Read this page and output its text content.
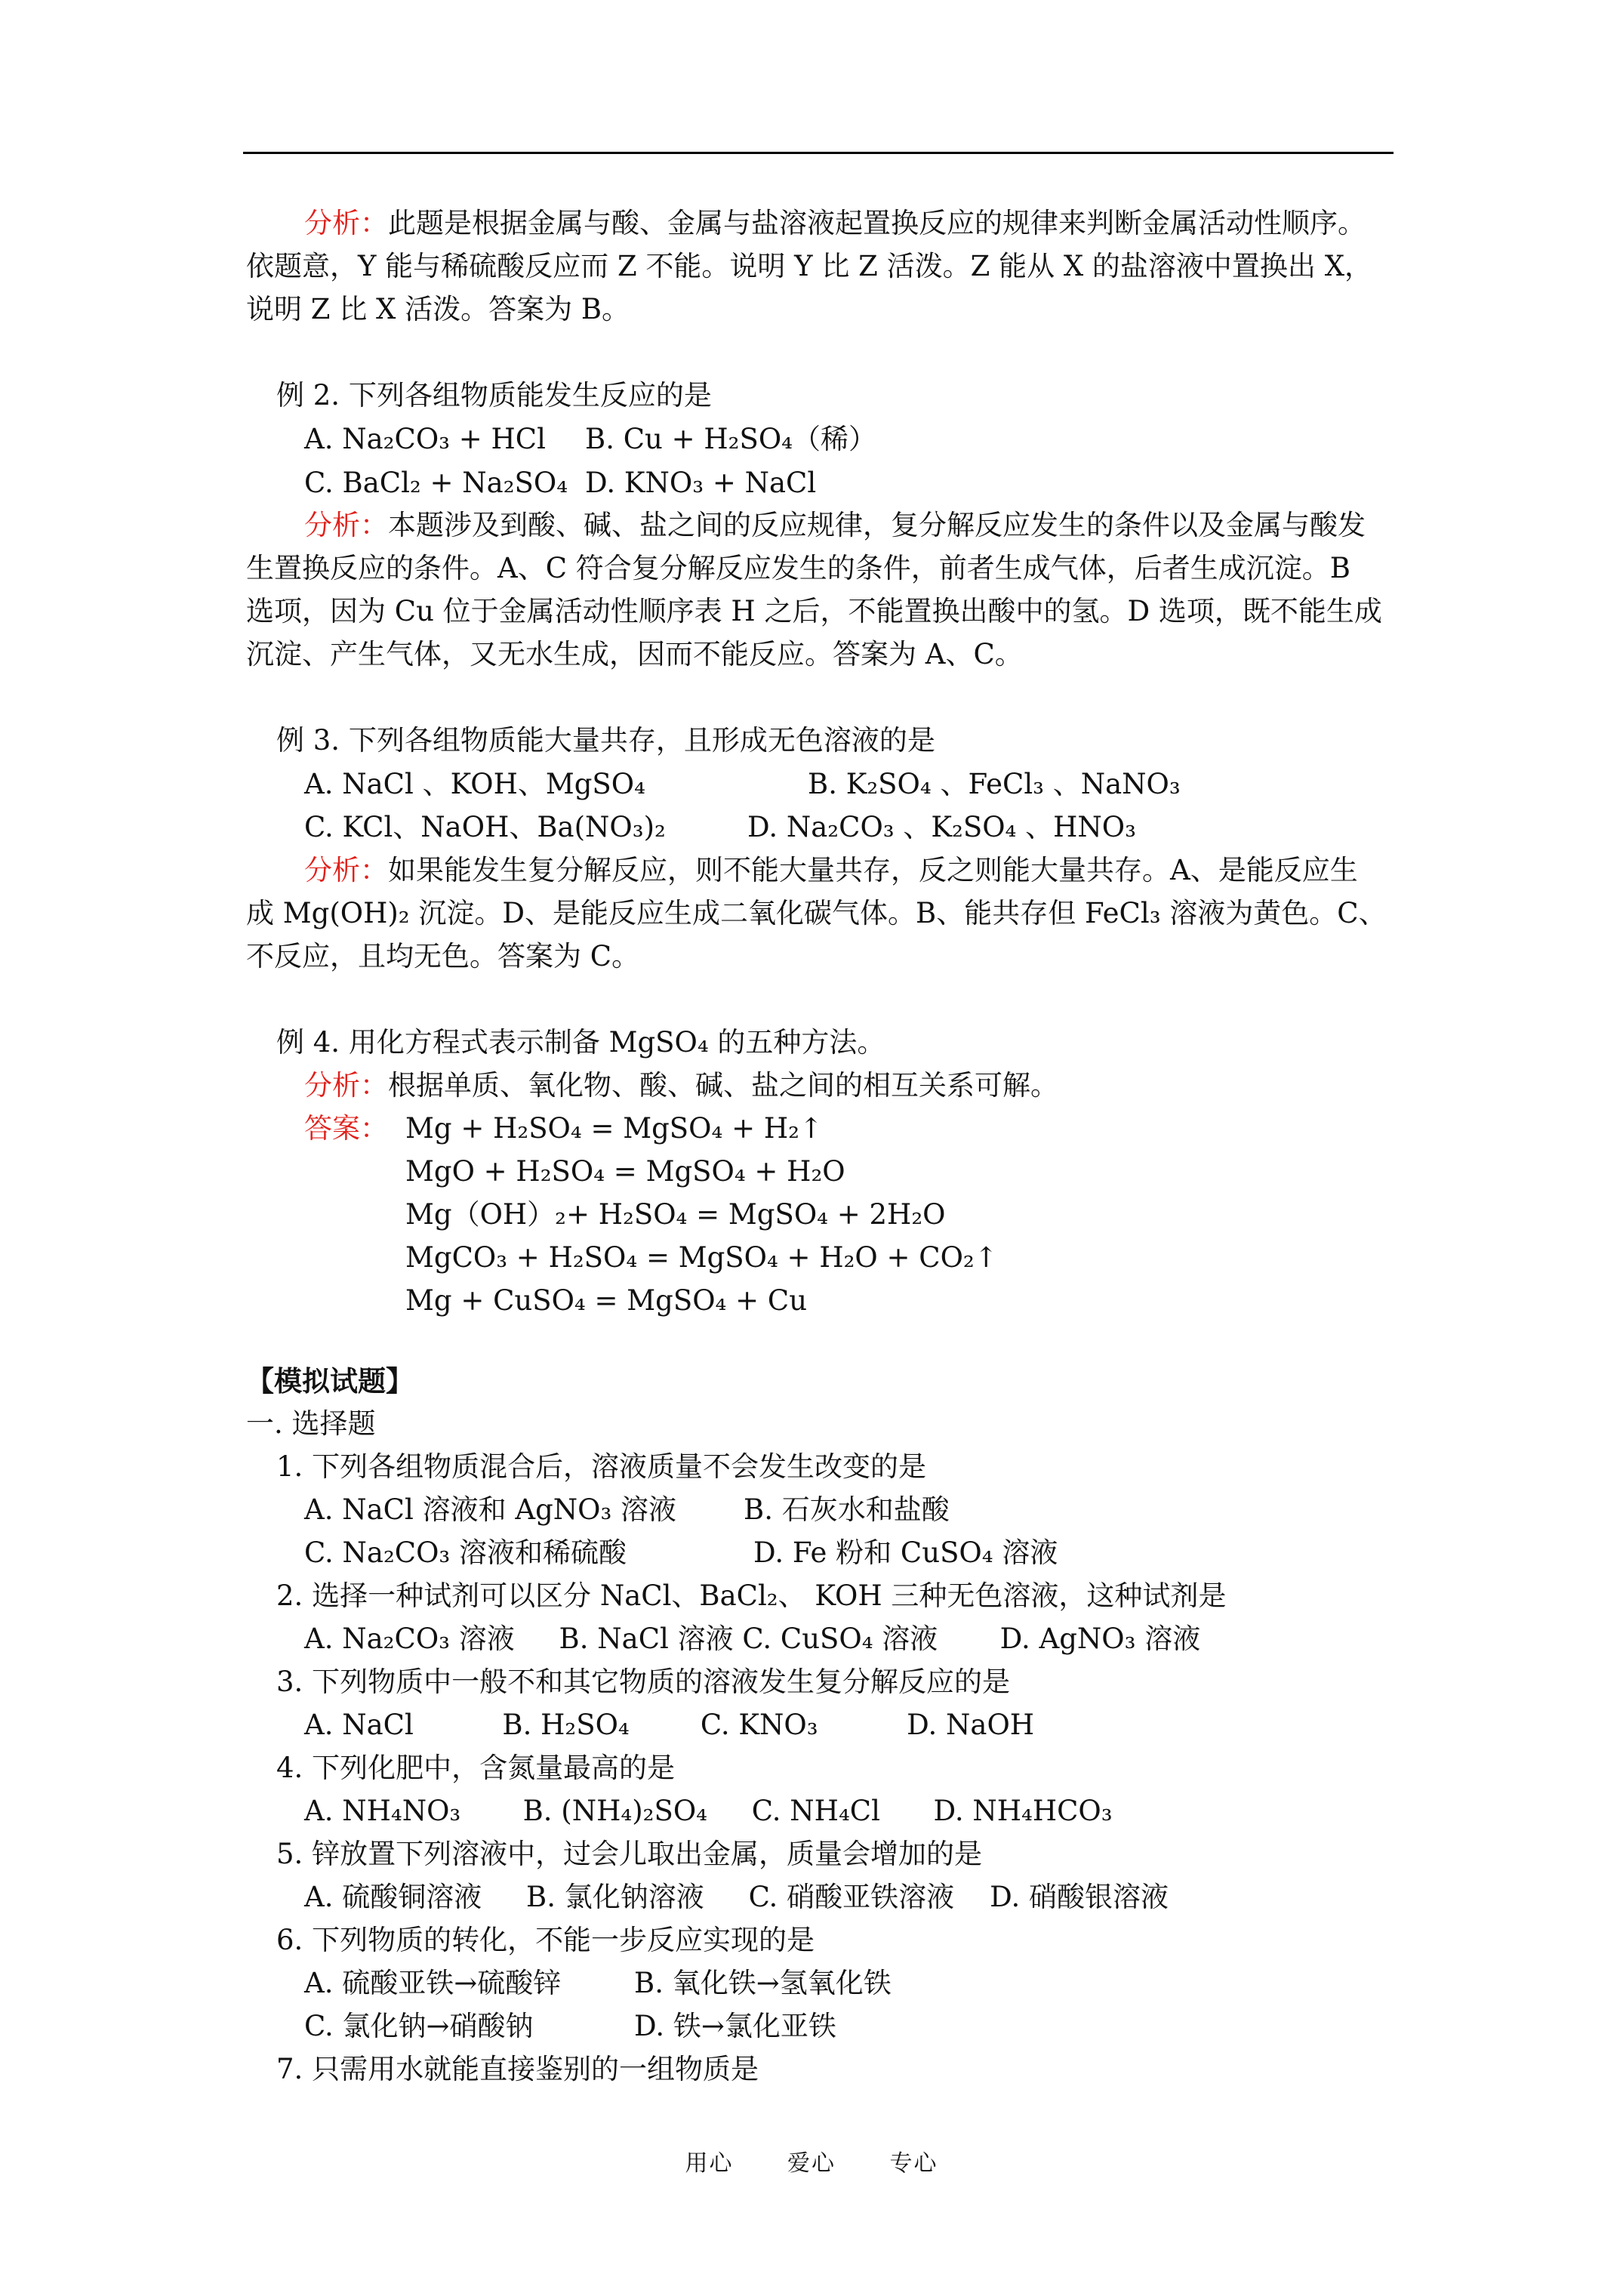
分析：此题是根据金属与酸、金属与盐溶液起置换反应的规律来判断金属活动性顺序。
依题意，Y 能与稀硫酸反应而 Z 不能。说明 Y 比 Z 活泼。Z 能从 X 的盐溶液中置换出 X，
说明 Z 比 X 活泼。答案为 B。
例 2. 下列各组物质能发生反应的是
A. Na₂CO₃ + HCl B. Cu + H₂SO₄（稀）
C. BaCl₂ + Na₂SO₄ D. KNO₃ + NaCl
分析：本题涉及到酸、碱、盐之间的反应规律，复分解反应发生的条件以及金属与酸发
生置换反应的条件。A、C 符合复分解反应发生的条件，前者生成气体，后者生成沉淀。B
选项，因为 Cu 位于金属活动性顺序表 H 之后，不能置换出酸中的氢。D 选项，既不能生成
沉淀、产生气体，又无水生成，因而不能反应。答案为 A、C。
例 3. 下列各组物质能大量共存，且形成无色溶液的是
A. NaCl 、KOH、MgSO₄	B. K₂SO₄ 、FeCl₃ 、NaNO₃
C. KCl、NaOH、Ba(NO₃)₂	D. Na₂CO₃ 、K₂SO₄ 、HNO₃
分析：如果能发生复分解反应，则不能大量共存，反之则能大量共存。A、是能反应生
成 Mg(OH)₂ 沉淀。D、是能反应生成二氧化碳气体。B、能共存但 FeCl₃ 溶液为黄色。C、
不反应，且均无色。答案为 C。
例 4. 用化方程式表示制备 MgSO₄ 的五种方法。
分析：根据单质、氧化物、酸、碱、盐之间的相互关系可解。
答案： Mg + H₂SO₄ = MgSO₄ + H₂↑
MgO + H₂SO₄ = MgSO₄ + H₂O
Mg（OH）₂+ H₂SO₄ = MgSO₄ + 2H₂O
MgCO₃ + H₂SO₄ = MgSO₄ + H₂O + CO₂↑
Mg + CuSO₄ = MgSO₄ + Cu
【模拟试题】
一. 选择题
1. 下列各组物质混合后，溶液质量不会发生改变的是
A. NaCl 溶液和 AgNO₃ 溶液 B. 石灰水和盐酸
C. Na₂CO₃ 溶液和稀硫酸	D. Fe 粉和 CuSO₄ 溶液
2. 选择一种试剂可以区分 NaCl、BaCl₂、 KOH 三种无色溶液，这种试剂是
A. Na₂CO₃ 溶液     B. NaCl 溶液 C. CuSO₄ 溶液       D. AgNO₃ 溶液
3. 下列物质中一般不和其它物质的溶液发生复分解反应的是
A. NaCl          B. H₂SO₄        C. KNO₃          D. NaOH
4. 下列化肥中，含氮量最高的是
A. NH₄NO₃       B. (NH₄)₂SO₄     C. NH₄Cl      D. NH₄HCO₃
5. 锌放置下列溶液中，过会儿取出金属，质量会增加的是
A. 硫酸铜溶液     B. 氯化钠溶液     C. 硝酸亚铁溶液    D. 硝酸银溶液
6. 下列物质的转化，不能一步反应实现的是
A. 硫酸亚铁→硫酸锌	B. 氧化铁→氢氧化铁
C. 氯化钠→硝酸钠	D. 铁→氯化亚铁
7. 只需用水就能直接鉴别的一组物质是
用心 爱心 专心
